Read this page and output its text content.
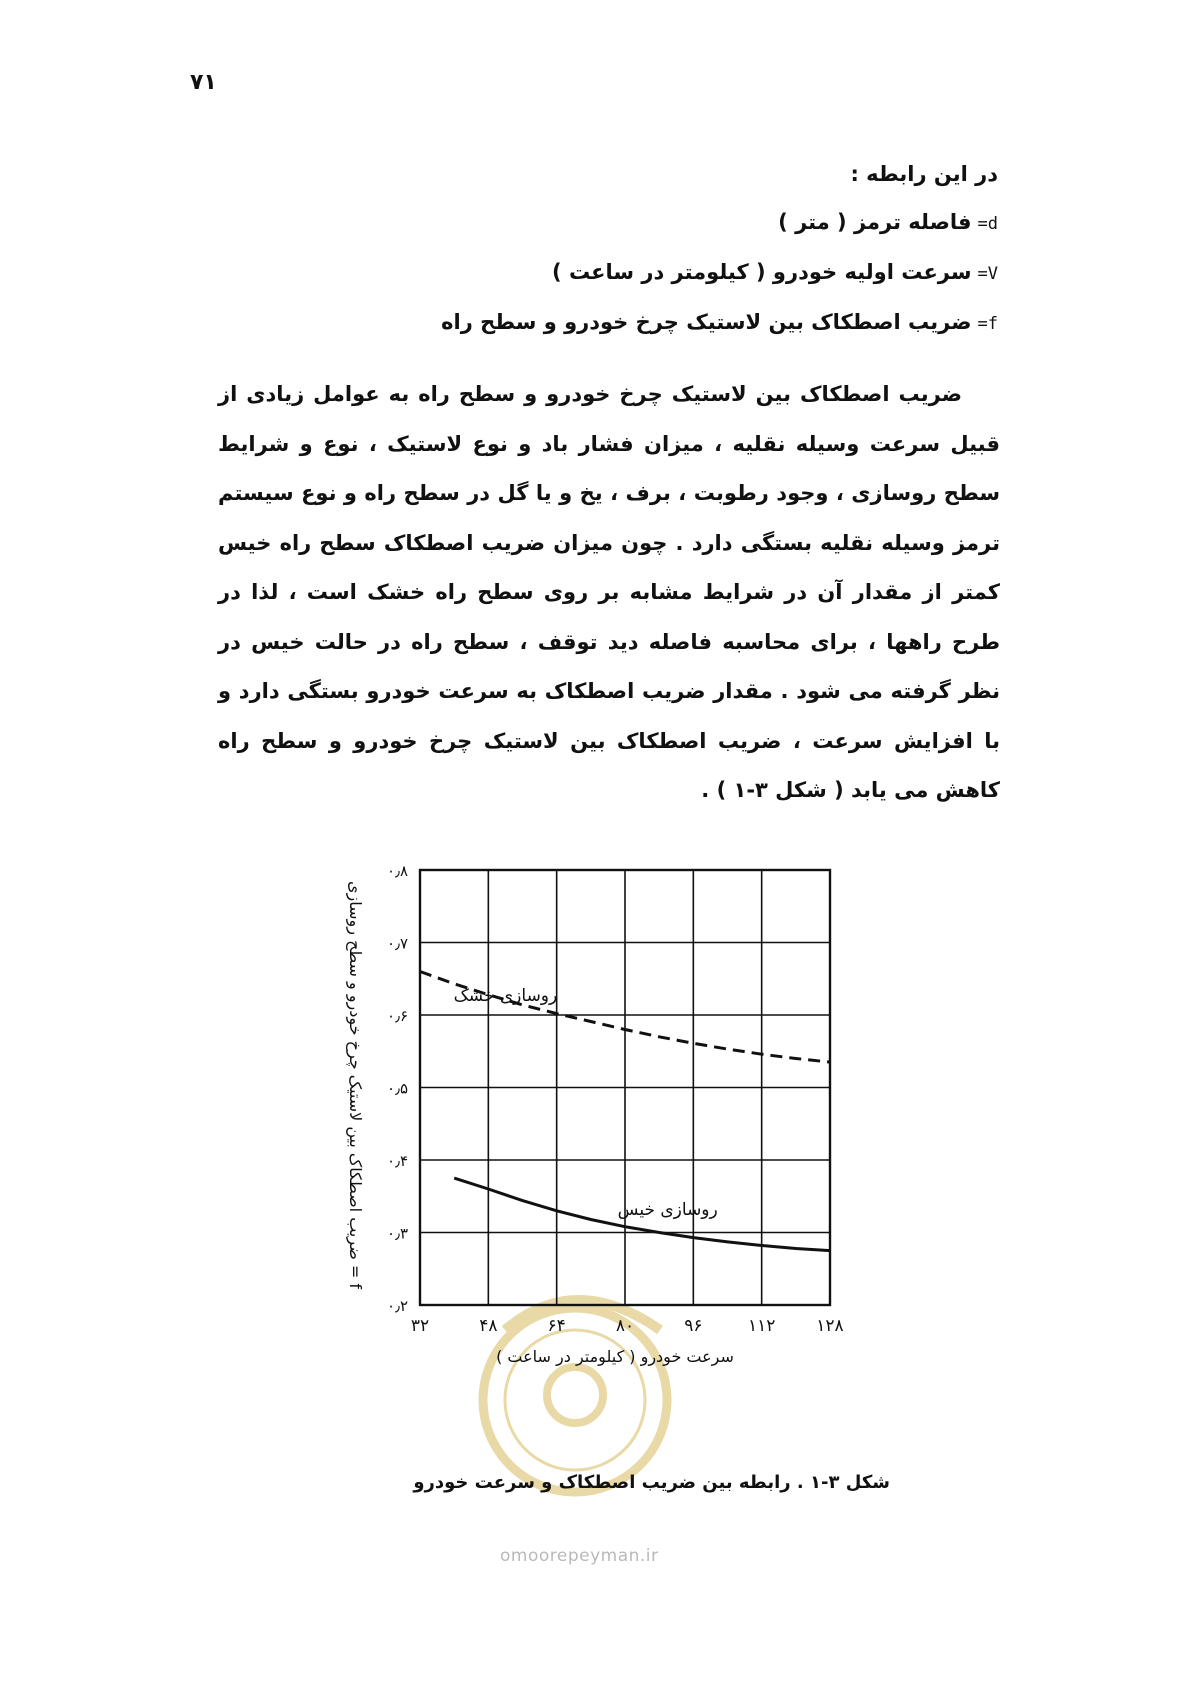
۷۱
در این رابطه :
d=فاصله ترمز ( متر )
V=سرعت اولیه خودرو ( کیلومتر در ساعت )
f=ضریب اصطکاک بین لاستیک چرخ خودرو و سطح راه
ضریب اصطکاک بین لاستیک چرخ خودرو و سطح راه به عوامل زیادی از قبیل سرعت وسیله نقلیه ، میزان فشار باد و نوع لاستیک ، نوع و شرایط سطح روسازی ، وجود رطوبت ، برف ، یخ و یا گل در سطح راه و نوع سیستم ترمز وسیله نقلیه بستگی دارد . چون میزان ضریب اصطکاک سطح راه خیس کمتر از مقدار آن در شرایط مشابه بر روی سطح راه خشک است ، لذا در طرح راهها ، برای محاسبه فاصله دید توقف ، سطح راه در حالت خیس در نظر گرفته می شود . مقدار ضریب اصطکاک به سرعت خودرو بستگی دارد و با افزایش سرعت ، ضریب اصطکاک بین لاستیک چرخ خودرو و سطح راه کاهش می یابد ( شکل ۳-۱ ) .
۳۲	۴۸	۶۴	۸۰	۹۶	۱۱۲ ۱۲۸
۰٫۲
۰٫۳
۰٫۴
۰٫۵
۰٫۶
۰٫۷
۰٫۸
روسازی خشک
روسازی خیس
سرعت خودرو ( کیلومتر در ساعت )
f = ضریب اصطکاک بین لاستیک چرخ خودرو و سطح روسازی
شکل ۳-۱ . رابطه بین ضریب اصطکاک و سرعت خودرو
omoorepeyman.ir
